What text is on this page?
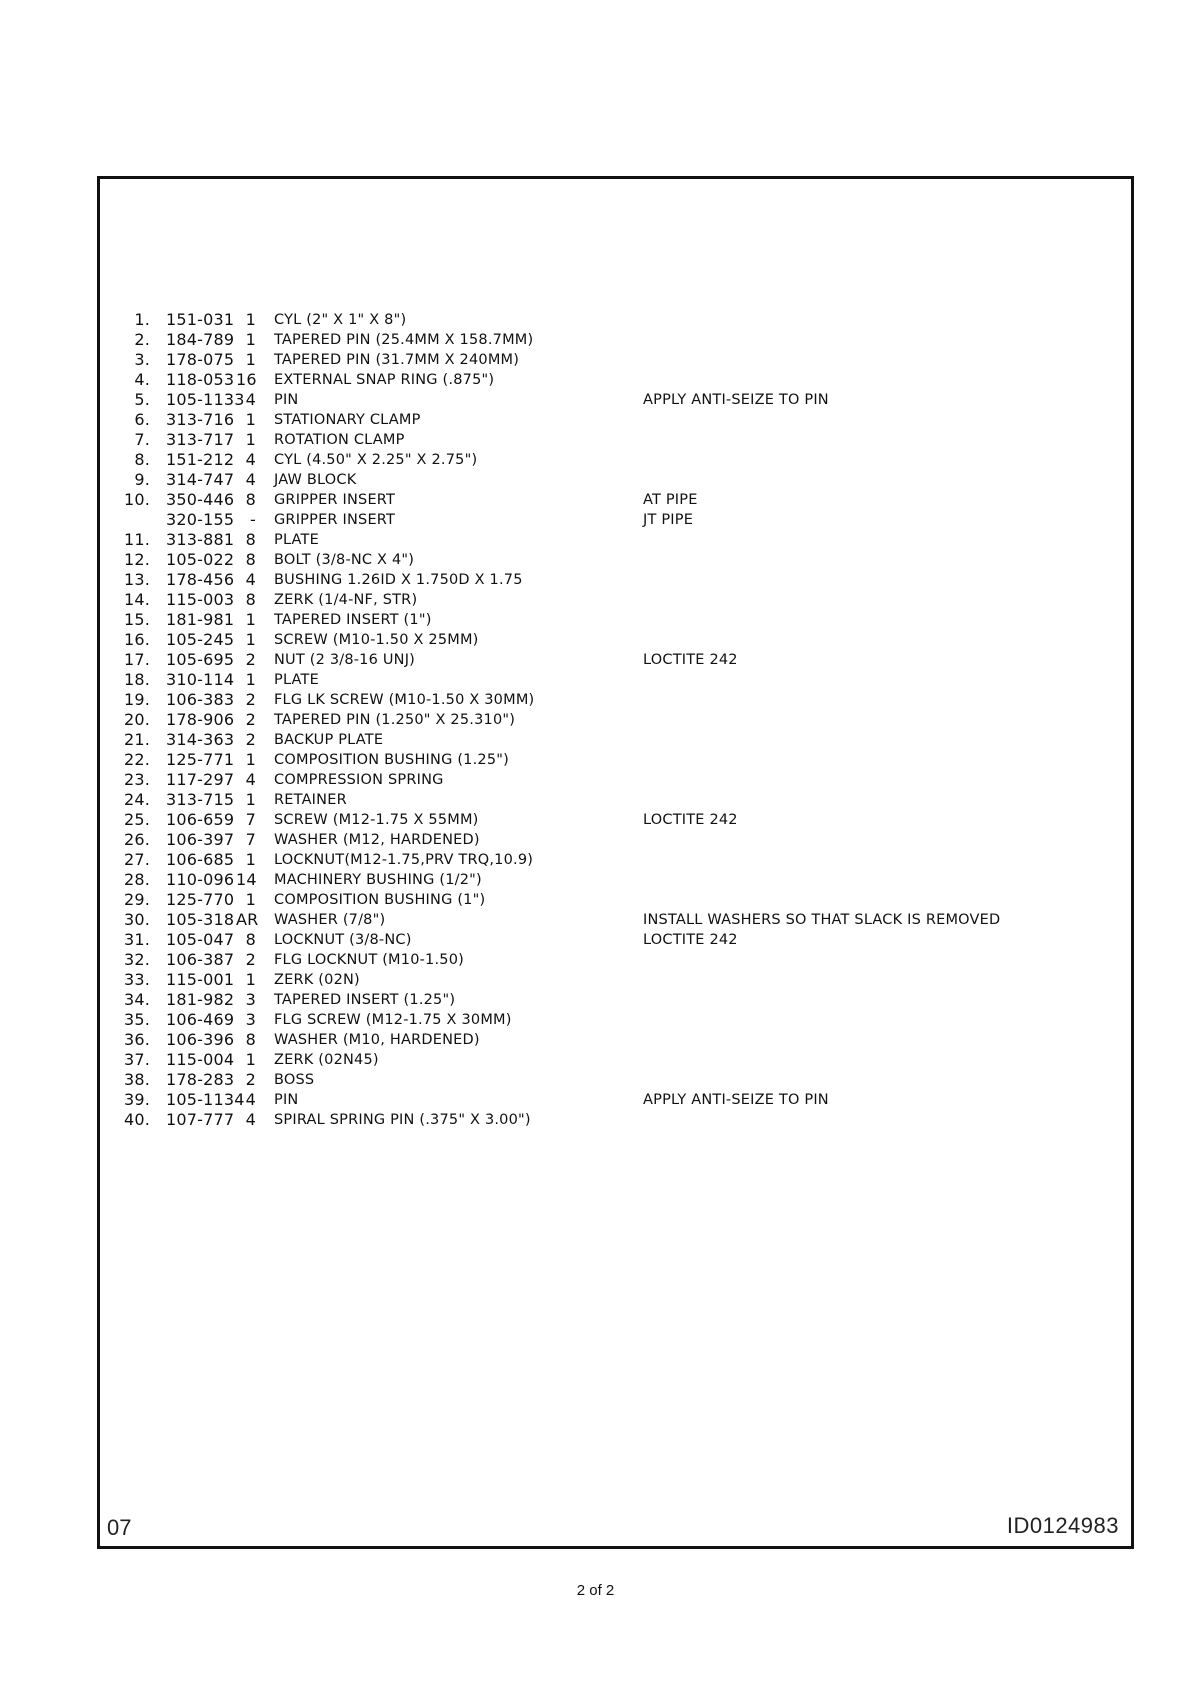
1. 151-031 1 CYL (2" X 1" X 8")
2. 184-789 1 TAPERED PIN (25.4MM X 158.7MM)
3. 178-075 1 TAPERED PIN (31.7MM X 240MM)
4. 118-053 16 EXTERNAL SNAP RING (.875")
5. 105-1133 4 PIN	APPLY ANTI-SEIZE TO PIN
6. 313-716 1 STATIONARY CLAMP
7. 313-717 1 ROTATION CLAMP
8. 151-212 4 CYL (4.50" X 2.25" X 2.75")
9. 314-747 4 JAW BLOCK
10. 350-446 8 GRIPPER INSERT	AT PIPE
320-155 - GRIPPER INSERT	JT PIPE
11. 313-881 8 PLATE
12. 105-022 8 BOLT (3/8-NC X 4")
13. 178-456 4 BUSHING 1.26ID X 1.750D X 1.75
14. 115-003 8 ZERK (1/4-NF, STR)
15. 181-981 1 TAPERED INSERT (1")
16. 105-245 1 SCREW (M10-1.50 X 25MM)
17. 105-695 2 NUT (2 3/8-16 UNJ)	LOCTITE 242
18. 310-114 1 PLATE
19. 106-383 2 FLG LK SCREW (M10-1.50 X 30MM)
20. 178-906 2 TAPERED PIN (1.250" X 25.310")
21. 314-363 2 BACKUP PLATE
22. 125-771 1 COMPOSITION BUSHING (1.25")
23. 117-297 4 COMPRESSION SPRING
24. 313-715 1 RETAINER
25. 106-659 7 SCREW (M12-1.75 X 55MM)	LOCTITE 242
26. 106-397 7 WASHER (M12, HARDENED)
27. 106-685 1 LOCKNUT(M12-1.75,PRV TRQ,10.9)
28. 110-096 14 MACHINERY BUSHING (1/2")
29. 125-770 1 COMPOSITION BUSHING (1")
30. 105-318 AR WASHER (7/8")	INSTALL WASHERS SO THAT SLACK IS REMOVED
31. 105-047 8 LOCKNUT (3/8-NC)	LOCTITE 242
32. 106-387 2 FLG LOCKNUT (M10-1.50)
33. 115-001 1 ZERK (02N)
34. 181-982 3 TAPERED INSERT (1.25")
35. 106-469 3 FLG SCREW (M12-1.75 X 30MM)
36. 106-396 8 WASHER (M10, HARDENED)
37. 115-004 1 ZERK (02N45)
38. 178-283 2 BOSS
39. 105-1134 4 PIN	APPLY ANTI-SEIZE TO PIN
40. 107-777 4 SPIRAL SPRING PIN (.375" X 3.00")
07	ID0124983
2 of 2
